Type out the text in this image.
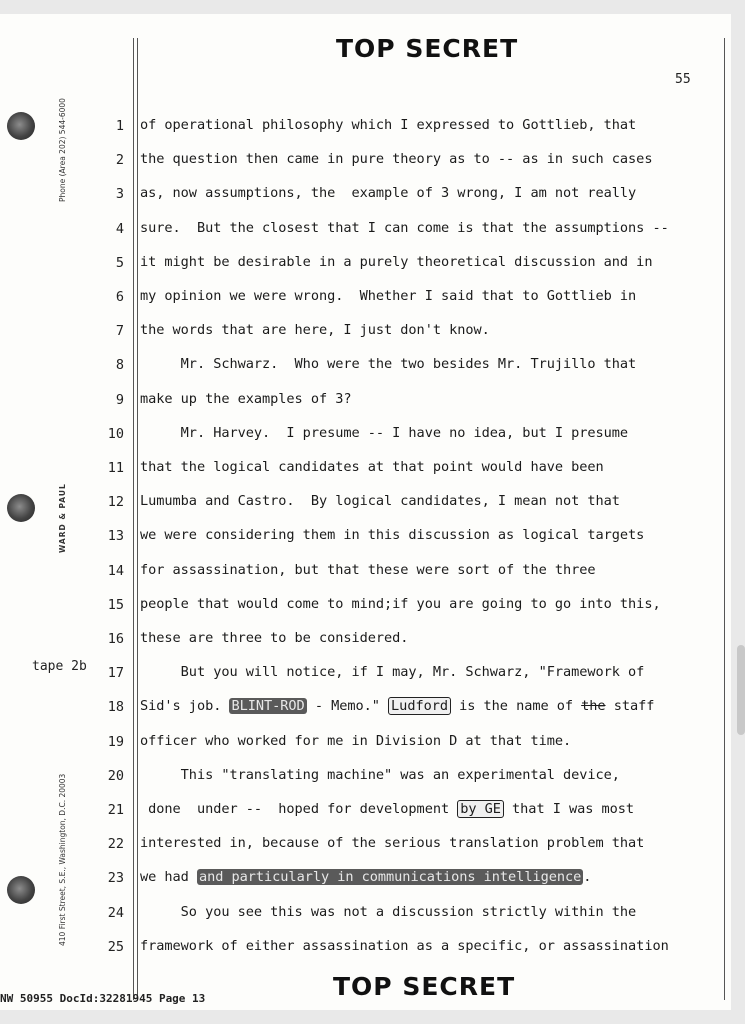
Phone (Area 202) 544-6000
WARD & PAUL
410 First Street, S.E., Washington, D.C. 20003
TOP SECRET
55
tape 2b
1 of operational philosophy which I expressed to Gottlieb, that
2 the question then came in pure theory as to -- as in such cases
3 as, now assumptions, the  example of 3 wrong, I am not really
4 sure.  But the closest that I can come is that the assumptions --
5 it might be desirable in a purely theoretical discussion and in
6 my opinion we were wrong.  Whether I said that to Gottlieb in
7 the words that are here, I just don't know.
8 Mr. Schwarz.  Who were the two besides Mr. Trujillo that
9 make up the examples of 3?
10 Mr. Harvey.  I presume -- I have no idea, but I presume
11 that the logical candidates at that point would have been
12 Lumumba and Castro.  By logical candidates, I mean not that
13 we were considering them in this discussion as logical targets
14 for assassination, but that these were sort of the three
15 people that would come to mind;if you are going to go into this,
16 these are three to be considered.
17 But you will notice, if I may, Mr. Schwarz, "Framework of
18 Sid's job. BLINT-ROD - Memo." Ludford is the name of the staff
19 officer who worked for me in Division D at that time.
20 This "translating machine" was an experimental device,
21 done  under --  hoped for development by GE that I was most
22 interested in, because of the serious translation problem that
23 we had and particularly in communications intelligence .
24 So you see this was not a discussion strictly within the
25 framework of either assassination as a specific, or assassination
NW 50955 DocId:32281945 Page 13	TOP SECRET
